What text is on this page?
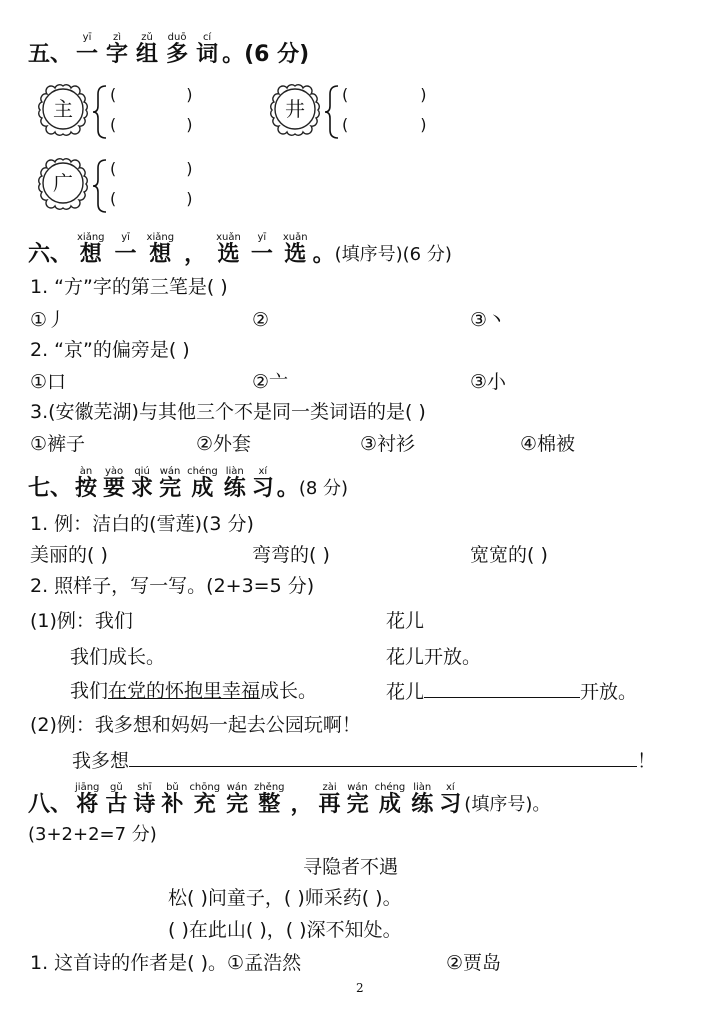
五、
yī
一
zì
字
zǔ
组
duō
多
cí
词 。(6 分)
主
(	)
(	)
井
(	)
(	)
广
(	)
(	)
六、
xiǎng
想
yī
一
xiǎng
想
，
xuǎn
选
yī
一
xuǎn
选 。(填序号)(6 分)
1. “方”字的第三笔是( )
①丿	②	③丶
2. “京”的偏旁是( )
①口	②亠	③小
3.(安徽芜湖)与其他三个不是同一类词语的是( )
①裤子	②外套	③衬衫	④棉被
七、
àn
按
yào
要
qiú
求
wán
完
chéng
成
liàn
练
xí
习 。(8 分)
1. 例：洁白的(雪莲)(3 分)
美丽的( )	弯弯的( )	宽宽的( )
2. 照样子，写一写。(2+3=5 分)
(1)例：我们	花儿
我们成长。	花儿开放。
我们在党的怀抱里幸福成长。	花儿	开放。
(2)例：我多想和妈妈一起去公园玩啊！
我多想	！
八、
jiāng
将
gǔ
古
shī
诗
bǔ
补
chōng
充
wán
完
zhěng
整
，
zài
再
wán
完
chéng
成
liàn
练
xí
习 (填序号)。
(3+2+2=7 分)
寻隐者不遇
松( )问童子，( )师采药( )。
( )在此山( )，( )深不知处。
1. 这首诗的作者是( )。①孟浩然	②贾岛
2
